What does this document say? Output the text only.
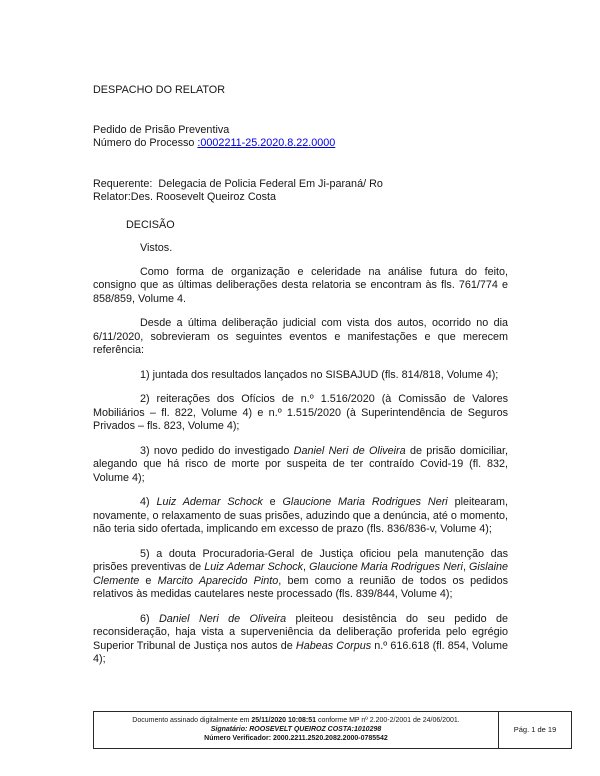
DESPACHO DO RELATOR
Pedido de Prisão Preventiva
Número do Processo :0002211-25.2020.8.22.0000
Requerente:  Delegacia de Policia Federal Em Ji-paraná/ Ro
Relator:Des. Roosevelt Queiroz Costa
DECISÃO
Vistos.

Como forma de organização e celeridade na análise futura do feito, consigno que as últimas deliberações desta relatoria se encontram às fls. 761/774 e 858/859, Volume 4.

Desde a última deliberação judicial com vista dos autos, ocorrido no dia 6/11/2020, sobrevieram os seguintes eventos e manifestações e que merecem referência:

1) juntada dos resultados lançados no SISBAJUD (fls. 814/818, Volume 4);

2) reiterações dos Ofícios de n.º 1.516/2020 (à Comissão de Valores Mobiliários – fl. 822, Volume 4) e n.º 1.515/2020 (à Superintendência de Seguros Privados – fls. 823, Volume 4);

3) novo pedido do investigado Daniel Neri de Oliveira de prisão domiciliar, alegando que há risco de morte por suspeita de ter contraído Covid-19 (fl. 832, Volume 4);

4) Luiz Ademar Schock e Glaucione Maria Rodrigues Neri pleitearam, novamente, o relaxamento de suas prisões, aduzindo que a denúncia, até o momento, não teria sido ofertada, implicando em excesso de prazo (fls. 836/836-v, Volume 4);

5) a douta Procuradoria-Geral de Justiça oficiou pela manutenção das prisões preventivas de Luiz Ademar Schock, Glaucione Maria Rodrigues Neri, Gislaine Clemente e Marcito Aparecido Pinto, bem como a reunião de todos os pedidos relativos às medidas cautelares neste processado (fls. 839/844, Volume 4);

6) Daniel Neri de Oliveira pleiteou desistência do seu pedido de reconsideração, haja vista a superveniência da deliberação proferida pelo egrégio Superior Tribunal de Justiça nos autos de Habeas Corpus n.º 616.618 (fl. 854, Volume 4);

Documento assinado digitalmente em 25/11/2020 10:08:51 conforme MP nº 2.200-2/2001 de 24/06/2001.
Signatário: ROOSEVELT QUEIROZ COSTA:1010298
Número Verificador: 2000.2211.2520.2082.2000-0785542
Pág. 1 de 19
